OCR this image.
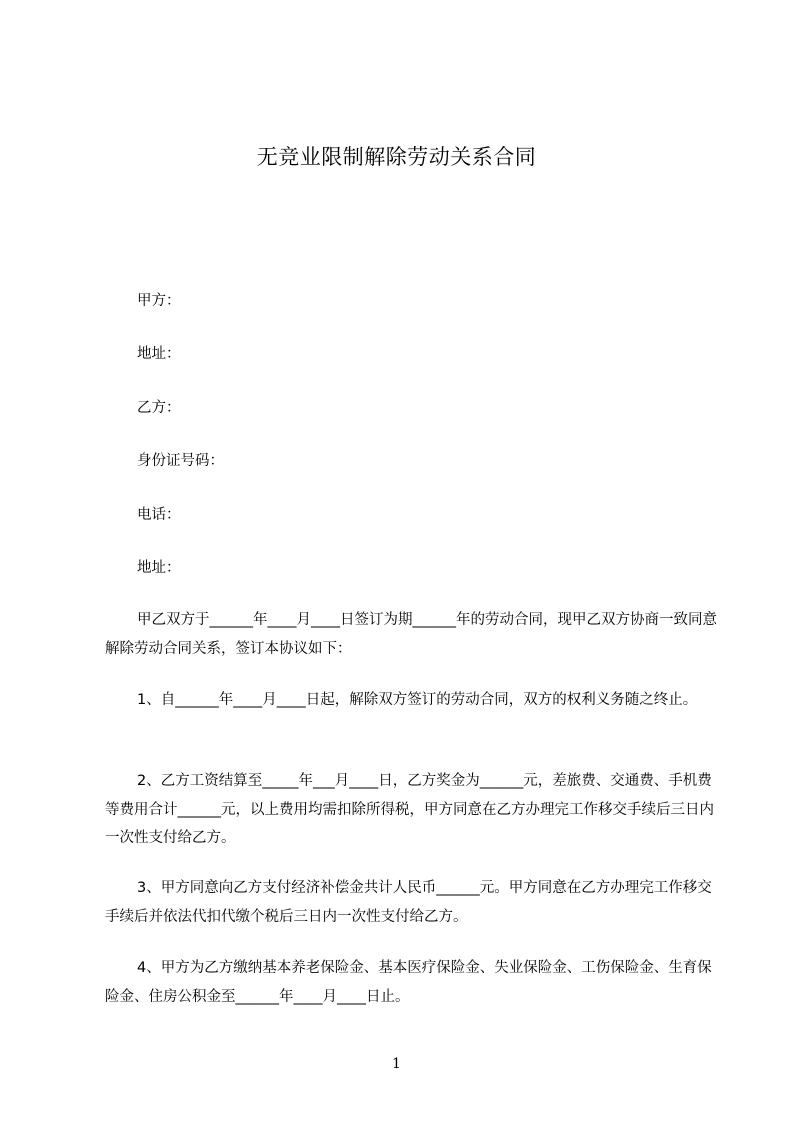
无竞业限制解除劳动关系合同
甲方：
地址：
乙方：
身份证号码：
电话：
地址：
甲乙双方于______年____月____日签订为期______年的劳动合同，现甲乙双方协商一致同意解除劳动合同关系，签订本协议如下：
1、自______年____月____日起，解除双方签订的劳动合同，双方的权利义务随之终止。
2、乙方工资结算至_____年___月____日，乙方奖金为______元，差旅费、交通费、手机费等费用合计______元，以上费用均需扣除所得税，甲方同意在乙方办理完工作移交手续后三日内一次性支付给乙方。
3、甲方同意向乙方支付经济补偿金共计人民币______元。甲方同意在乙方办理完工作移交手续后并依法代扣代缴个税后三日内一次性支付给乙方。
4、甲方为乙方缴纳基本养老保险金、基本医疗保险金、失业保险金、工伤保险金、生育保险金、住房公积金至______年____月____日止。
1
